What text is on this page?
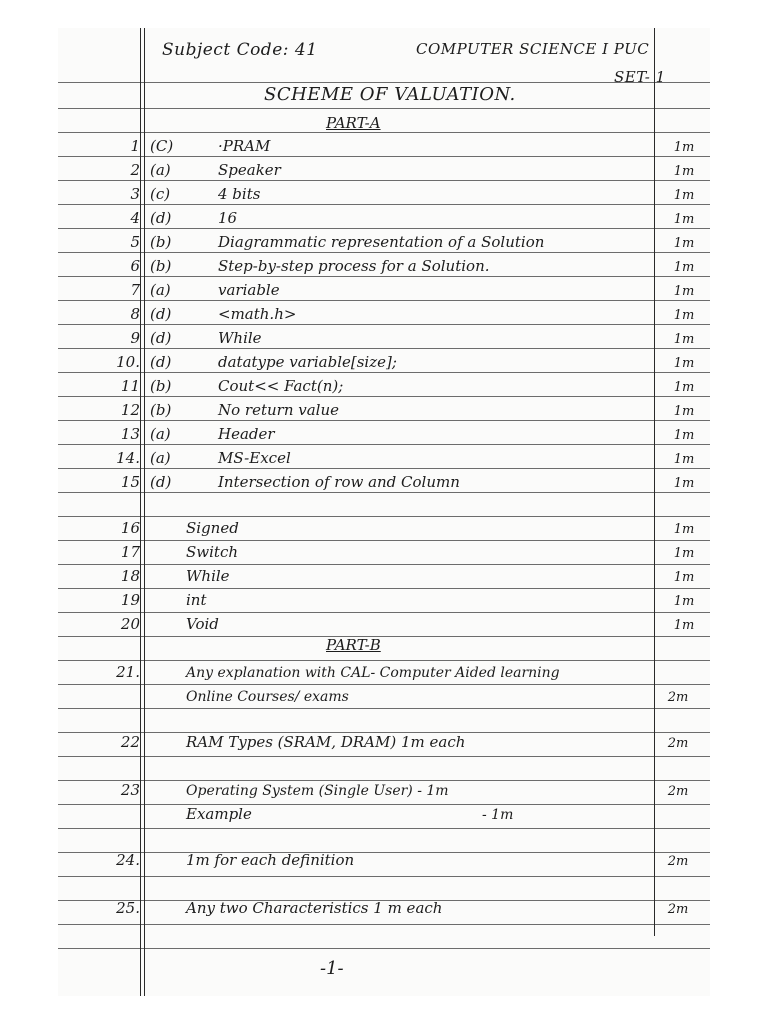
Subject Code: 41	COMPUTER SCIENCE I PUC
SET- 1
SCHEME OF VALUATION.
PART-A
1 (C)	·PRAM	1m
2 (a)	Speaker	1m
3 (c)	4 bits	1m
4 (d)	16	1m
5 (b)	Diagrammatic representation of a Solution	1m
6 (b)	Step-by-step process for a Solution.	1m
7 (a)	variable	1m
8 (d)	<math.h>	1m
9 (d)	While	1m
10. (d)	datatype variable[size];	1m
11 (b)	Cout<< Fact(n);	1m
12 (b)	No return value	1m
13 (a)	Header	1m
14. (a)	MS-Excel	1m
15 (d)	Intersection of row and Column	1m
16	Signed	1m
17	Switch	1m
18	While	1m
19	int	1m
20	Void	1m
PART-B
21.	Any explanation with CAL- Computer Aided learning
Online Courses/ exams	2m
22	RAM Types (SRAM, DRAM) 1m each	2m
23	Operating System (Single User) - 1m	2m
Example	- 1m
24.	1m for each definition	2m
25.	Any two Characteristics 1 m each	2m
-1-
